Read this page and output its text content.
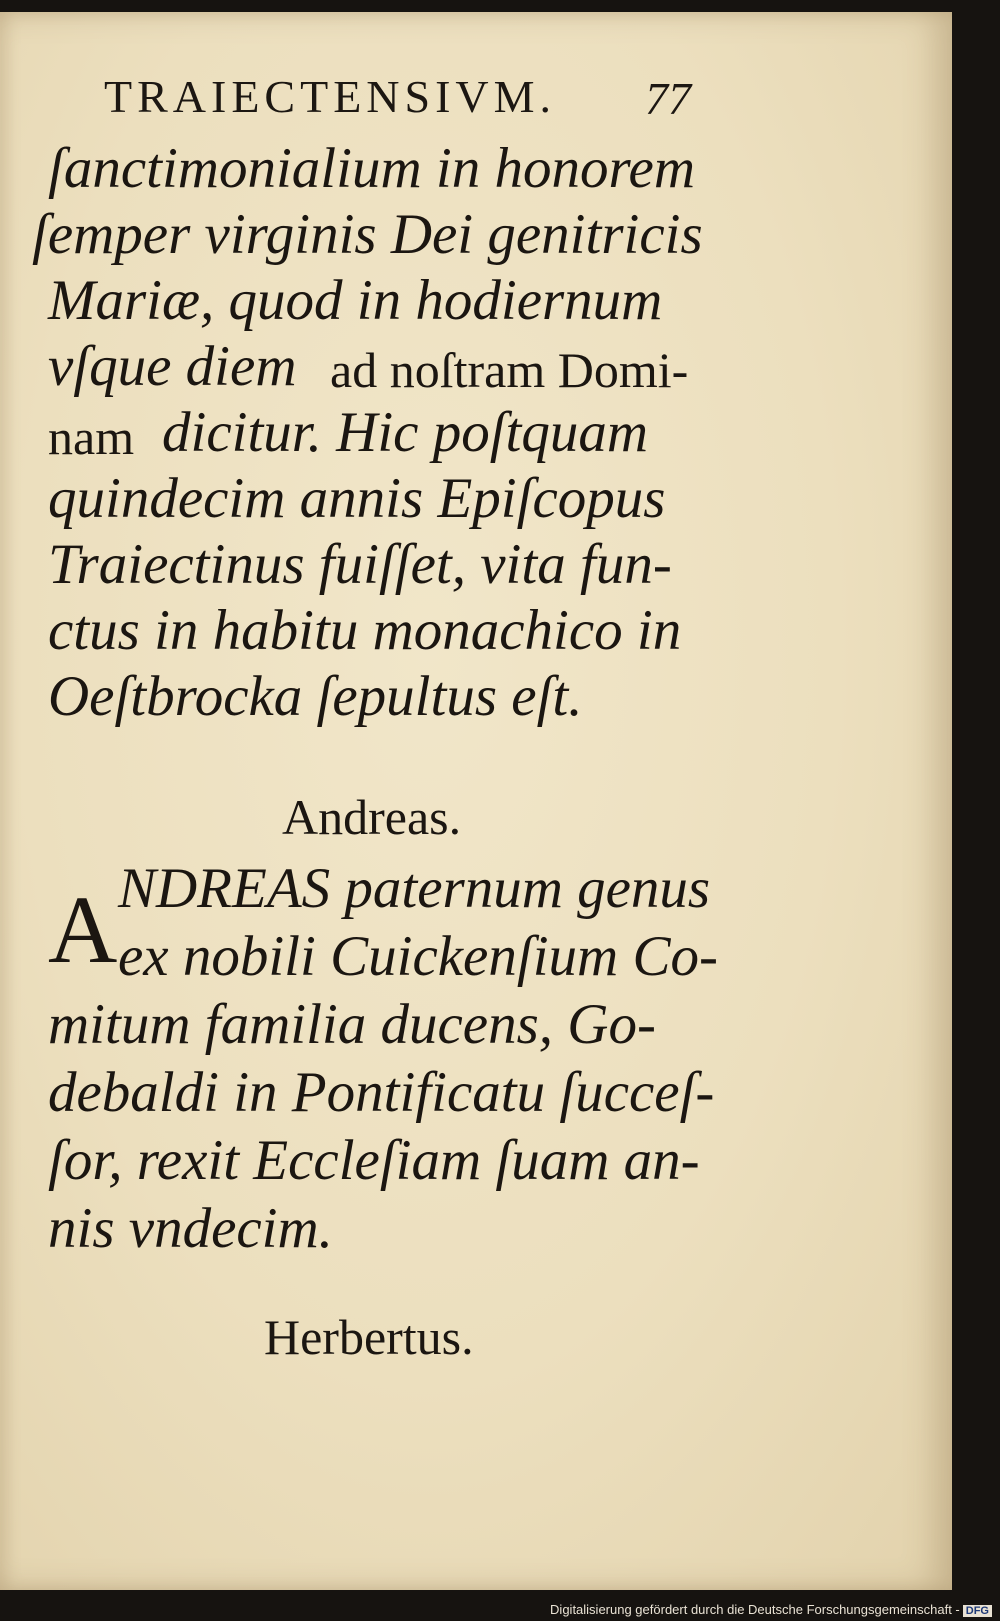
TRAIECTENSIVM.	77
ſanctimonialium in honorem
ſemper virginis Dei genitricis
Mariæ, quod in hodiernum
vſque diem ad noſtram Domi-
nam dicitur. Hic poſtquam
quindecim annis Epiſcopus
Traiectinus fuiſſet, vita fun-
ctus in habitu monachico in
Oeſtbrocka ſepultus eſt.
Andreas.
A NDREAS paternum genus
ex nobili Cuickenſium Co-
mitum familia ducens, Go-
debaldi in Pontificatu ſucceſ-
ſor, rexit Eccleſiam ſuam an-
nis vndecim.
Herbertus.
Digitalisierung gefördert durch die Deutsche Forschungsgemeinschaft - DFG
